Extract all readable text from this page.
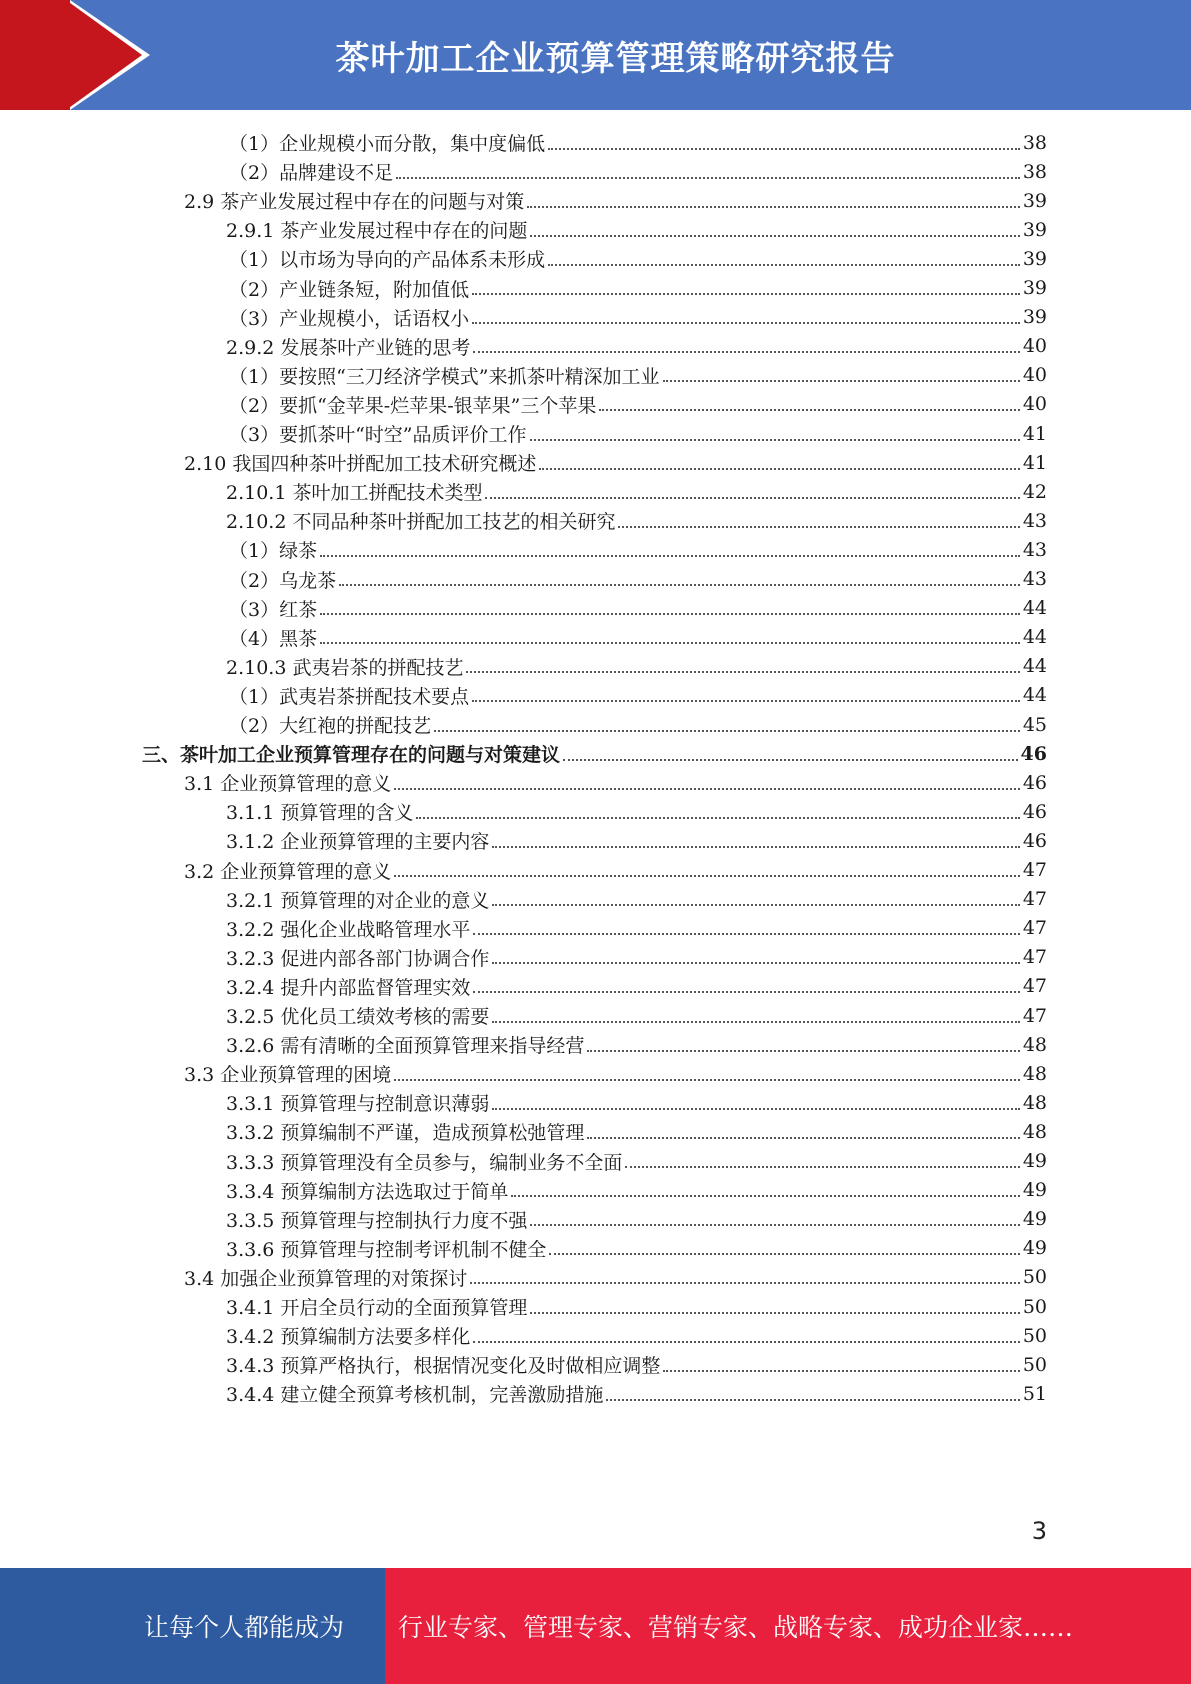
茶叶加工企业预算管理策略研究报告
（1）企业规模小而分散，集中度偏低	38
（2）品牌建设不足	38
2.9 茶产业发展过程中存在的问题与对策	39
2.9.1 茶产业发展过程中存在的问题	39
（1）以市场为导向的产品体系未形成	39
（2）产业链条短，附加值低	39
（3）产业规模小，话语权小	39
2.9.2 发展茶叶产业链的思考	40
（1）要按照“三刀经济学模式”来抓茶叶精深加工业	40
（2）要抓“金苹果-烂苹果-银苹果”三个苹果	40
（3）要抓茶叶“时空”品质评价工作	41
2.10 我国四种茶叶拼配加工技术研究概述	41
2.10.1 茶叶加工拼配技术类型	42
2.10.2 不同品种茶叶拼配加工技艺的相关研究	43
（1）绿茶	43
（2）乌龙茶	43
（3）红茶	44
（4）黑茶	44
2.10.3 武夷岩茶的拼配技艺	44
（1）武夷岩茶拼配技术要点	44
（2）大红袍的拼配技艺	45
三、茶叶加工企业预算管理存在的问题与对策建议	46
3.1 企业预算管理的意义	46
3.1.1 预算管理的含义	46
3.1.2 企业预算管理的主要内容	46
3.2 企业预算管理的意义	47
3.2.1 预算管理的对企业的意义	47
3.2.2 强化企业战略管理水平	47
3.2.3 促进内部各部门协调合作	47
3.2.4 提升内部监督管理实效	47
3.2.5 优化员工绩效考核的需要	47
3.2.6 需有清晰的全面预算管理来指导经营	48
3.3 企业预算管理的困境	48
3.3.1 预算管理与控制意识薄弱	48
3.3.2 预算编制不严谨，造成预算松弛管理	48
3.3.3 预算管理没有全员参与，编制业务不全面	49
3.3.4 预算编制方法选取过于简单	49
3.3.5 预算管理与控制执行力度不强	49
3.3.6 预算管理与控制考评机制不健全	49
3.4 加强企业预算管理的对策探讨	50
3.4.1 开启全员行动的全面预算管理	50
3.4.2 预算编制方法要多样化	50
3.4.3 预算严格执行，根据情况变化及时做相应调整	50
3.4.4 建立健全预算考核机制，完善激励措施	51
3
让每个人都能成为 行业专家、管理专家、营销专家、战略专家、成功企业家……
